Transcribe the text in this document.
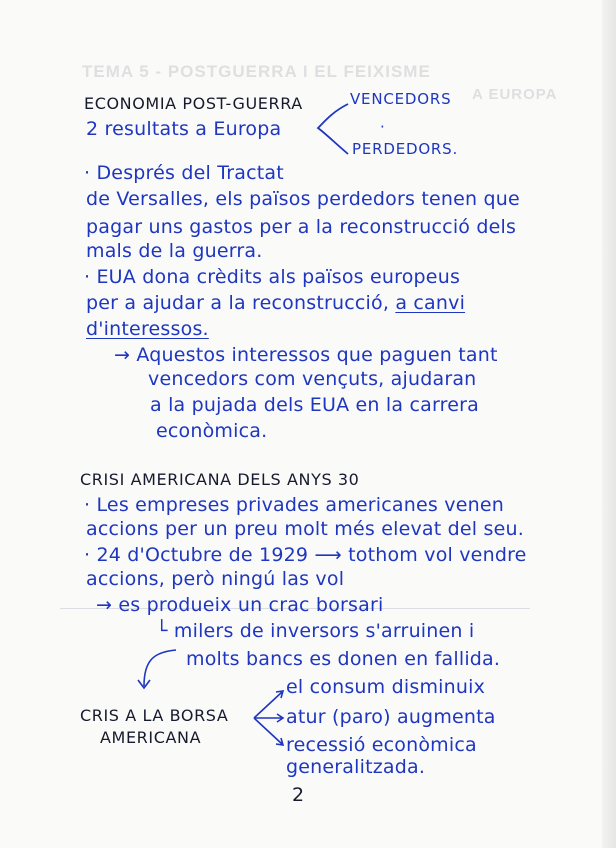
TEMA 5 - POSTGUERRA I EL FEIXISME
A EUROPA
ECONOMIA POST-GUERRA	VENCEDORS
2 resultats a Europa	·
PERDEDORS.
· Després del Tractat
de Versalles, els països perdedors tenen que
pagar uns gastos per a la reconstrucció dels
mals de la guerra.
· EUA dona crèdits als països europeus
per a ajudar a la reconstrucció, a canvi
d'interessos.
→ Aquestos interessos que paguen tant
vencedors com vençuts, ajudaran
a la pujada dels EUA en la carrera
econòmica.
CRISI AMERICANA DELS ANYS 30
· Les empreses privades americanes venen
accions per un preu molt més elevat del seu.
· 24 d'Octubre de 1929 ⟶ tothom vol vendre
accions, però ningú las vol
→ es produeix un crac borsari
└ milers de inversors s'arruinen i
molts bancs es donen en fallida.
CRIS A LA BORSA
AMERICANA
el consum disminuix
atur (paro) augmenta
recessió econòmica
generalitzada.
2
